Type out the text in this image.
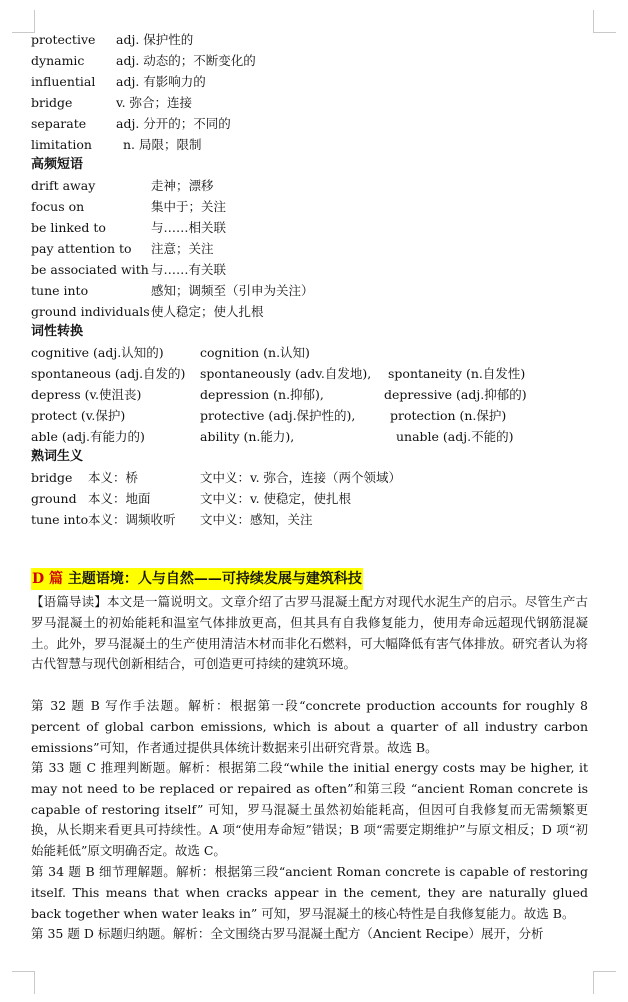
protective adj. 保护性的
dynamic	adj. 动态的；不断变化的
influential adj. 有影响力的
bridge	v. 弥合；连接
separate adj. 分开的；不同的
limitation n. 局限；限制
高频短语
drift away	走神；漂移
focus on	集中于；关注
be linked to	与……相关联
pay attention to 注意；关注
be associated with 与……有关联
tune into	感知；调频至（引申为关注）
ground individuals 使人稳定；使人扎根
词性转换
cognitive (adj.认知的)	cognition (n.认知)
spontaneous (adj.自发的) spontaneously (adv.自发地), spontaneity (n.自发性)
depress (v.使沮丧)	depression (n.抑郁),	depressive (adj.抑郁的)
protect (v.保护)	protective (adj.保护性的),	protection (n.保护)
able (adj.有能力的)	ability (n.能力),	unable (adj.不能的)
熟词生义
bridge 本义：桥	文中义：v. 弥合，连接（两个领域）
ground 本义：地面	文中义：v. 使稳定，使扎根
tune into 本义：调频收听 文中义：感知，关注
D 篇 主题语境：人与自然——可持续发展与建筑科技
【语篇导读】本文是一篇说明文。文章介绍了古罗马混凝土配方对现代水泥生产的启示。尽管生产古罗马混凝土的初始能耗和温室气体排放更高，但其具有自我修复能力，使用寿命远超现代钢筋混凝土。此外，罗马混凝土的生产使用清洁木材而非化石燃料，可大幅降低有害气体排放。研究者认为将古代智慧与现代创新相结合，可创造更可持续的建筑环境。
第 32 题 B 写作手法题。解析：根据第一段“concrete production accounts for roughly 8 percent of global carbon emissions, which is about a quarter of all industry carbon emissions”可知，作者通过提供具体统计数据来引出研究背景。故选 B。
第 33 题 C 推理判断题。解析：根据第二段“while the initial energy costs may be higher, it may not need to be replaced or repaired as often”和第三段 “ancient Roman concrete is capable of restoring itself” 可知，罗马混凝土虽然初始能耗高，但因可自我修复而无需频繁更换，从长期来看更具可持续性。A 项“使用寿命短”错误；B 项“需要定期维护”与原文相反；D 项“初始能耗低”原文明确否定。故选 C。
第 34 题 B 细节理解题。解析：根据第三段“ancient Roman concrete is capable of restoring itself. This means that when cracks appear in the cement, they are naturally glued back together when water leaks in” 可知，罗马混凝土的核心特性是自我修复能力。故选 B。
第 35 题 D 标题归纳题。解析：全文围绕古罗马混凝土配方（Ancient Recipe）展开，分析
